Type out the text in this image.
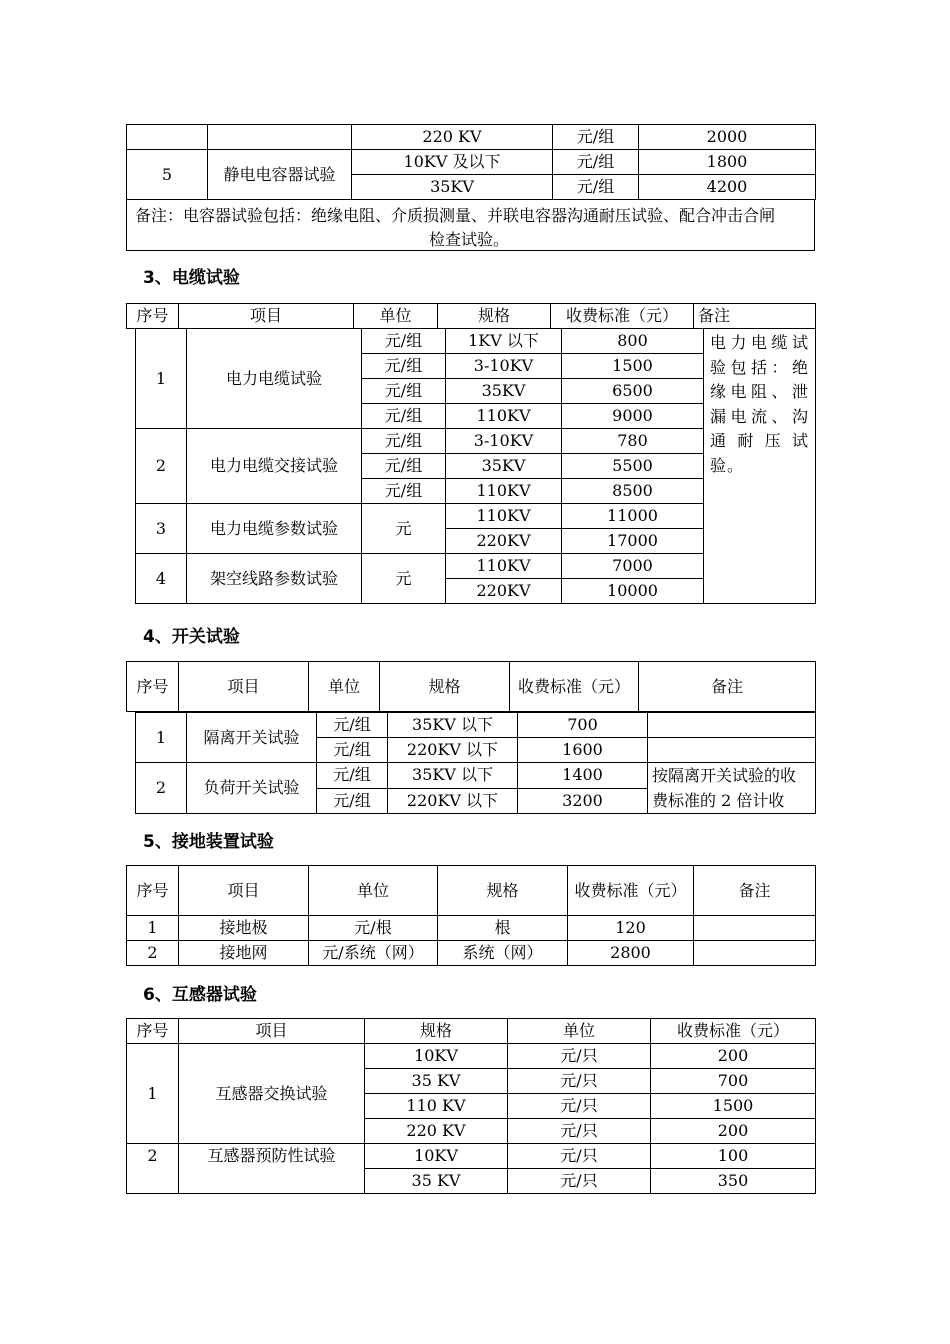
		220 KV	元/组	2000
5	静电电容器试验	10KV 及以下	元/组	1800
		35KV	元/组	4200
备注：电容器试验包括：绝缘电阻、介质损测量、并联电容器沟通耐压试验、配合冲击合闸
检查试验。
3、电缆试验
序号	项目	单位	规格	收费标准（元）	备注
1	电力电缆试验	元/组	1KV 以下	800	电力电缆试验包括：绝缘电阻、泄漏电流、沟通耐压试验。
		元/组	3-10KV	1500	
		元/组	35KV	6500	
		元/组	110KV	9000	
2	电力电缆交接试验	元/组	3-10KV	780	
		元/组	35KV	5500	
		元/组	110KV	8500	
3	电力电缆参数试验	元	110KV	11000	
			220KV	17000	
4	架空线路参数试验	元	110KV	7000	
			220KV	10000	
4、开关试验
序号	项目	单位	规格	收费标准（元）	备注
1	隔离开关试验	元/组	35KV 以下	700	
		元/组	220KV 以下	1600	
2	负荷开关试验	元/组	35KV 以下	1400	按隔离开关试验的收费标准的 2 倍计收
		元/组	220KV 以下	3200	
5、接地装置试验
序号	项目	单位	规格	收费标准（元）	备注
1	接地极	元/根	根	120	
2	接地网	元/系统（网）	系统（网）	2800	
6、互感器试验
序号	项目	规格	单位	收费标准（元）
1	互感器交换试验	10KV	元/只	200
		35 KV	元/只	700
		110 KV	元/只	1500
		220 KV	元/只	200
2	互感器预防性试验	10KV	元/只	100
		35 KV	元/只	350
